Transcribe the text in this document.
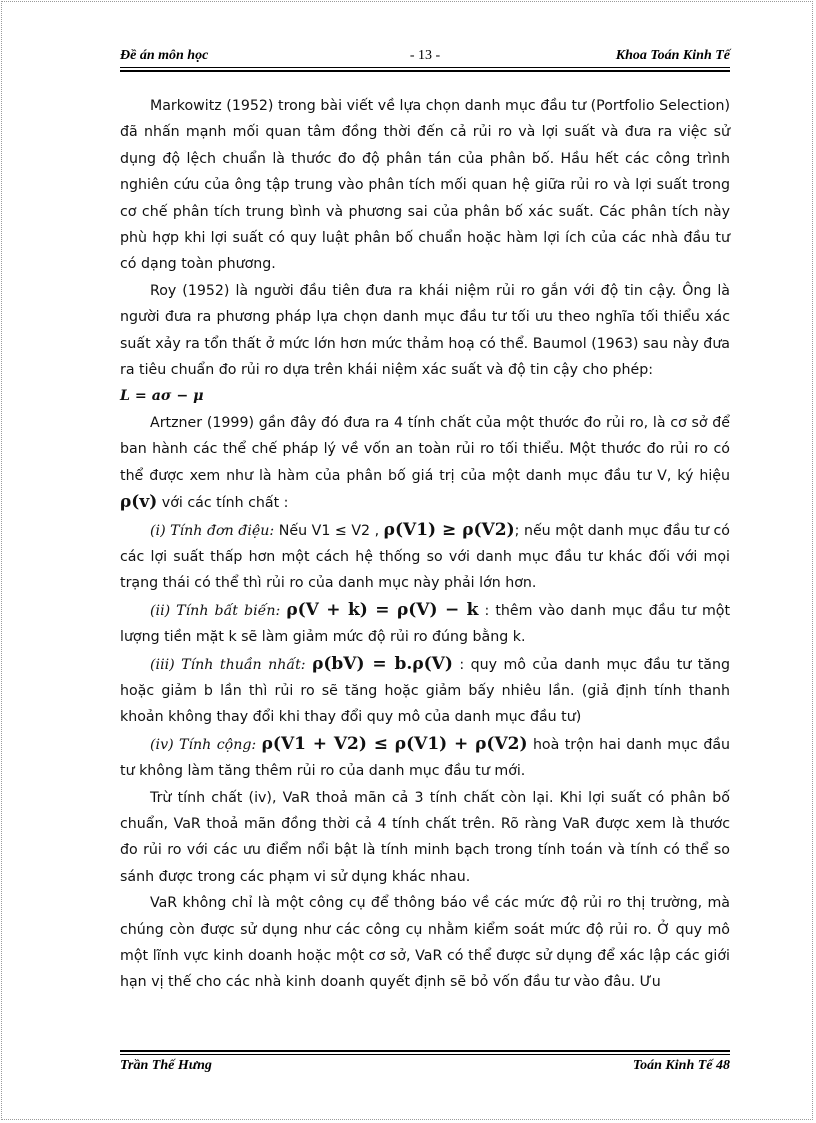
Đề án môn học	- 13 -	Khoa Toán Kinh Tế

Markowitz (1952) trong bài viết về lựa chọn danh mục đầu tư (Portfolio Selection) đã nhấn mạnh mối quan tâm đồng thời đến cả rủi ro và lợi suất và đưa ra việc sử dụng độ lệch chuẩn là thước đo độ phân tán của phân bố. Hầu hết các công trình nghiên cứu của ông tập trung vào phân tích mối quan hệ giữa rủi ro và lợi suất trong cơ chế phân tích trung bình và phương sai của phân bố xác suất. Các phân tích này phù hợp khi lợi suất có quy luật phân bố chuẩn hoặc hàm lợi ích của các nhà đầu tư có dạng toàn phương.

Roy (1952) là người đầu tiên đưa ra khái niệm rủi ro gắn với độ tin cậy. Ông là người đưa ra phương pháp lựa chọn danh mục đầu tư tối ưu theo nghĩa tối thiểu xác suất xảy ra tổn thất ở mức lớn hơn mức thảm hoạ có thể. Baumol (1963) sau này đưa ra tiêu chuẩn đo rủi ro dựa trên khái niệm xác suất và độ tin cậy cho phép:

L = aσ − μ

Artzner (1999) gần đây đó đưa ra 4 tính chất của một thước đo rủi ro, là cơ sở để ban hành các thể chế pháp lý về vốn an toàn rủi ro tối thiểu. Một thước đo rủi ro có thể được xem như là hàm của phân bố giá trị của một danh mục đầu tư V, ký hiệu ρ(v) với các tính chất :

(i) Tính đơn điệu: Nếu V1 ≤ V2 , ρ(V1) ≥ ρ(V2); nếu một danh mục đầu tư có các lợi suất thấp hơn một cách hệ thống so với danh mục đầu tư khác đối với mọi trạng thái có thể thì rủi ro của danh mục này phải lớn hơn.

(ii) Tính bất biến: ρ(V + k) = ρ(V) − k : thêm vào danh mục đầu tư một lượng tiền mặt k sẽ làm giảm mức độ rủi ro đúng bằng k.

(iii) Tính thuần nhất: ρ(bV) = b.ρ(V) : quy mô của danh mục đầu tư tăng hoặc giảm b lần thì rủi ro sẽ tăng hoặc giảm bấy nhiêu lần. (giả định tính thanh khoản không thay đổi khi thay đổi quy mô của danh mục đầu tư)

(iv) Tính cộng: ρ(V1 + V2) ≤ ρ(V1) + ρ(V2) hoà trộn hai danh mục đầu tư không làm tăng thêm rủi ro của danh mục đầu tư mới.

Trừ tính chất (iv), VaR thoả mãn cả 3 tính chất còn lại. Khi lợi suất có phân bố chuẩn, VaR thoả mãn đồng thời cả 4 tính chất trên. Rõ ràng VaR được xem là thước đo rủi ro với các ưu điểm nổi bật là tính minh bạch trong tính toán và tính có thể so sánh được trong các phạm vi sử dụng khác nhau.

VaR không chỉ là một công cụ để thông báo về các mức độ rủi ro thị trường, mà chúng còn được sử dụng như các công cụ nhằm kiểm soát mức độ rủi ro. Ở quy mô một lĩnh vực kinh doanh hoặc một cơ sở, VaR có thể được sử dụng để xác lập các giới hạn vị thế cho các nhà kinh doanh quyết định sẽ bỏ vốn đầu tư vào đâu. Ưu

Trần Thế Hưng	Toán Kinh Tế 48
